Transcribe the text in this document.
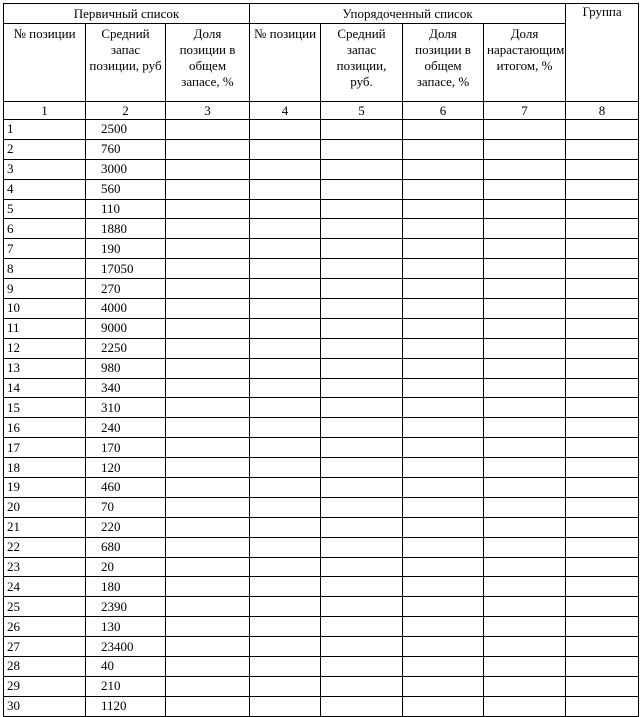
Первичный список			Упорядоченный список				Группа
№ позиции	Средний запас позиции, руб	Доля позиции в общем запасе, %	№ позиции	Средний запас позиции, руб.	Доля позиции в общем запасе, %	Доля нарастающим итогом, %	
1	2	3	4	5	6	7	8
1	2500						
2	760						
3	3000						
4	560						
5	110						
6	1880						
7	190						
8	17050						
9	270						
10	4000						
11	9000						
12	2250						
13	980						
14	340						
15	310						
16	240						
17	170						
18	120						
19	460						
20	70						
21	220						
22	680						
23	20						
24	180						
25	2390						
26	130						
27	23400						
28	40						
29	210						
30	1120						
